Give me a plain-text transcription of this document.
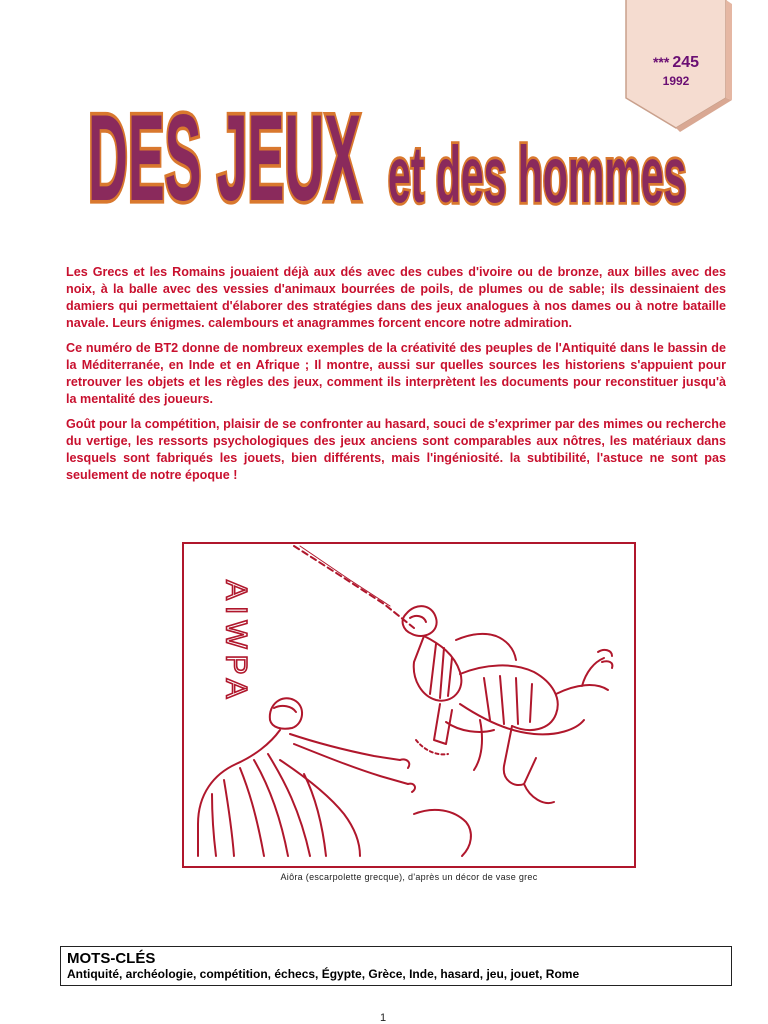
*** 245
1992
DES JEUX et des hommes

Les Grecs et les Romains jouaient déjà aux dés avec des cubes d'ivoire ou de bronze, aux billes avec des noix, à la balle avec des vessies d'animaux bourrées de poils, de plumes ou de sable; ils dessinaient des damiers qui permettaient d'élaborer des stratégies dans des jeux analogues à nos dames ou à notre bataille navale. Leurs énigmes. calembours et anagrammes forcent encore notre admiration.

Ce numéro de BT2 donne de nombreux exemples de la créativité des peuples de l'Antiquité dans le bassin de la Méditerranée, en Inde et en Afrique ; Il montre, aussi sur quelles sources les historiens s'appuient pour retrouver les objets et les règles des jeux, comment ils interprètent les documents pour reconstituer jusqu'à la mentalité des joueurs.

Goût pour la compétition, plaisir de se confronter au hasard, souci de s'exprimer par des mimes ou recherche du vertige, les ressorts psychologiques des jeux anciens sont comparables aux nôtres, les matériaux dans lesquels sont fabriqués les jouets, bien différents, mais l'ingéniosité. la subtibilité, l'astuce ne sont pas seulement de notre époque !

AIWPA
Aiôra (escarpolette grecque), d'après un décor de vase grec
MOTS-CLÉS
Antiquité, archéologie, compétition, échecs, Égypte, Grèce, Inde, hasard, jeu, jouet, Rome
1
